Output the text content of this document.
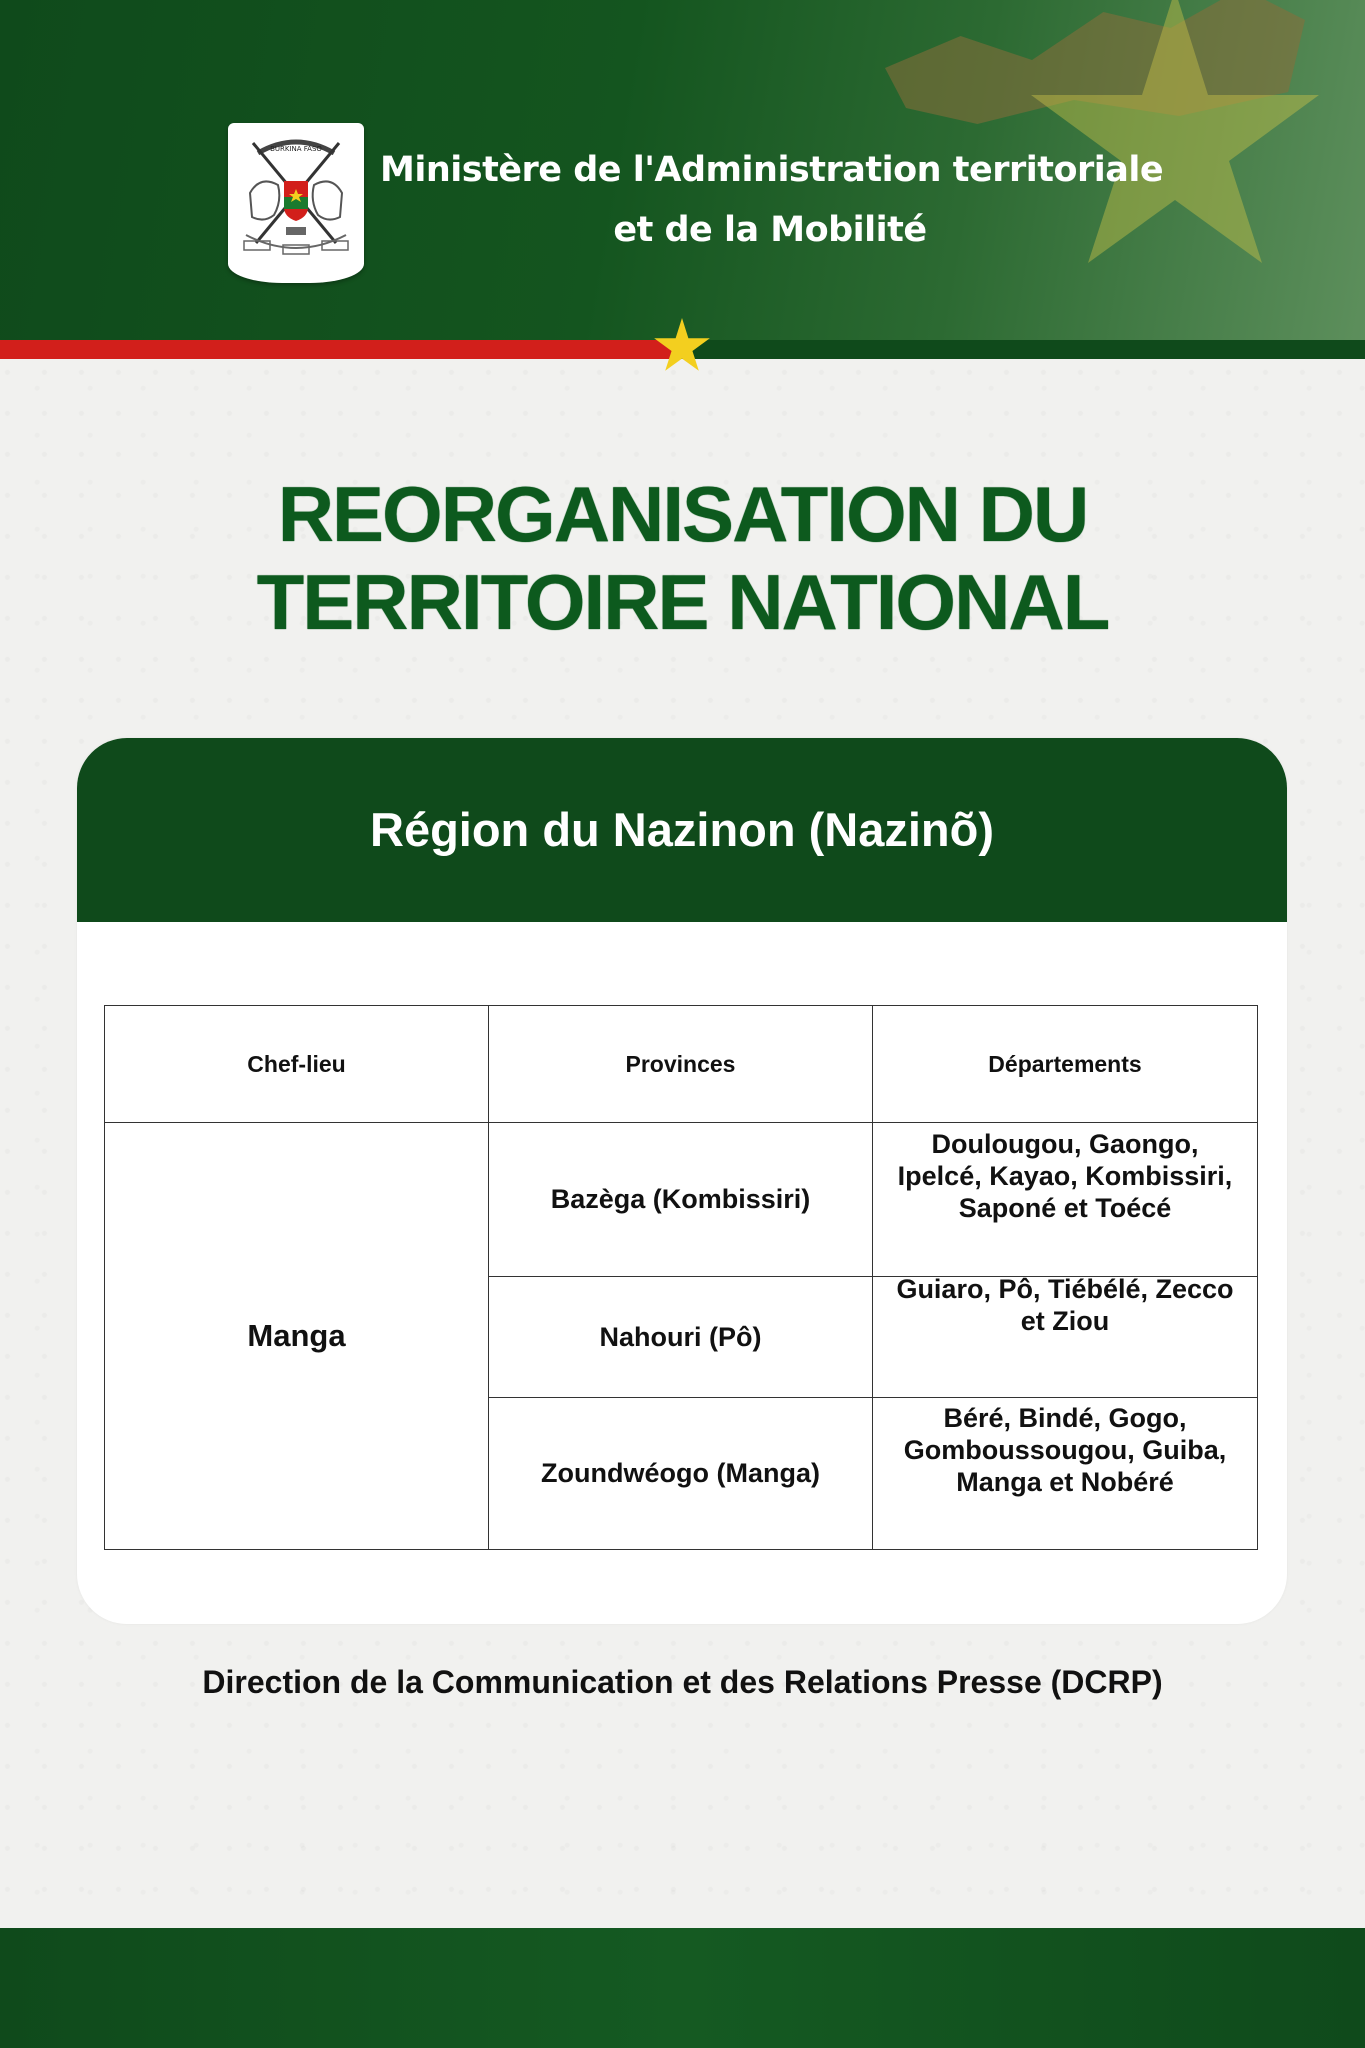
BURKINA FASO
Ministère de l'Administration territoriale
et de la Mobilité
REORGANISATION DU
TERRITOIRE NATIONAL
Région du Nazinon (Nazinõ)
Chef-lieu	Provinces	Départements
Manga	Bazèga (Kombissiri)	Doulougou, Gaongo,
Ipelcé, Kayao, Kombissiri,
Saponé et Toécé

	Nahouri (Pô)	Guiaro, Pô, Tiébélé, Zecco
et Ziou

	Zoundwéogo (Manga)	Béré, Bindé, Gogo,
Gomboussougou, Guiba,
Manga et Nobéré
Direction de la Communication et des Relations Presse (DCRP)
